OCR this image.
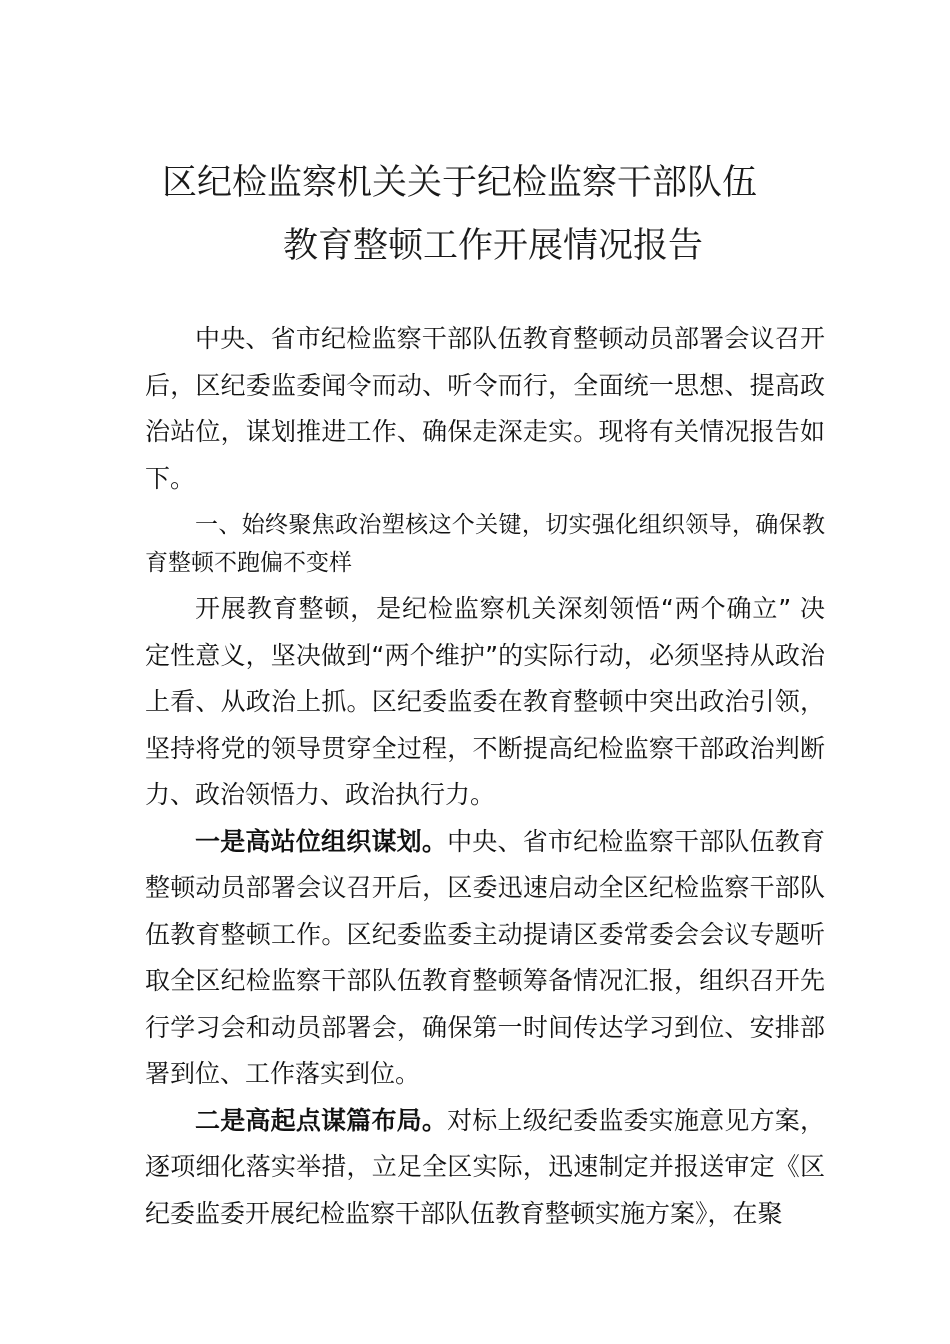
区纪检监察机关关于纪检监察干部队伍
教育整顿工作开展情况报告

中央、省市纪检监察干部队伍教育整顿动员部署会议召开后，区纪委监委闻令而动、听令而行，全面统一思想、提高政治站位，谋划推进工作、确保走深走实。现将有关情况报告如下。

一、始终聚焦政治塑核这个关键，切实强化组织领导，确保教育整顿不跑偏不变样

开展教育整顿，是纪检监察机关深刻领悟“两个确立” 决定性意义，坚决做到“两个维护”的实际行动，必须坚持从政治上看、从政治上抓。区纪委监委在教育整顿中突出政治引领，坚持将党的领导贯穿全过程，不断提高纪检监察干部政治判断力、政治领悟力、政治执行力。

一是高站位组织谋划。中央、省市纪检监察干部队伍教育整顿动员部署会议召开后，区委迅速启动全区纪检监察干部队伍教育整顿工作。区纪委监委主动提请区委常委会会议专题听取全区纪检监察干部队伍教育整顿筹备情况汇报，组织召开先行学习会和动员部署会，确保第一时间传达学习到位、安排部署到位、工作落实到位。

二是高起点谋篇布局。对标上级纪委监委实施意见方案，逐项细化落实举措，立足全区实际，迅速制定并报送审定《区纪委监委开展纪检监察干部队伍教育整顿实施方案》，在聚
